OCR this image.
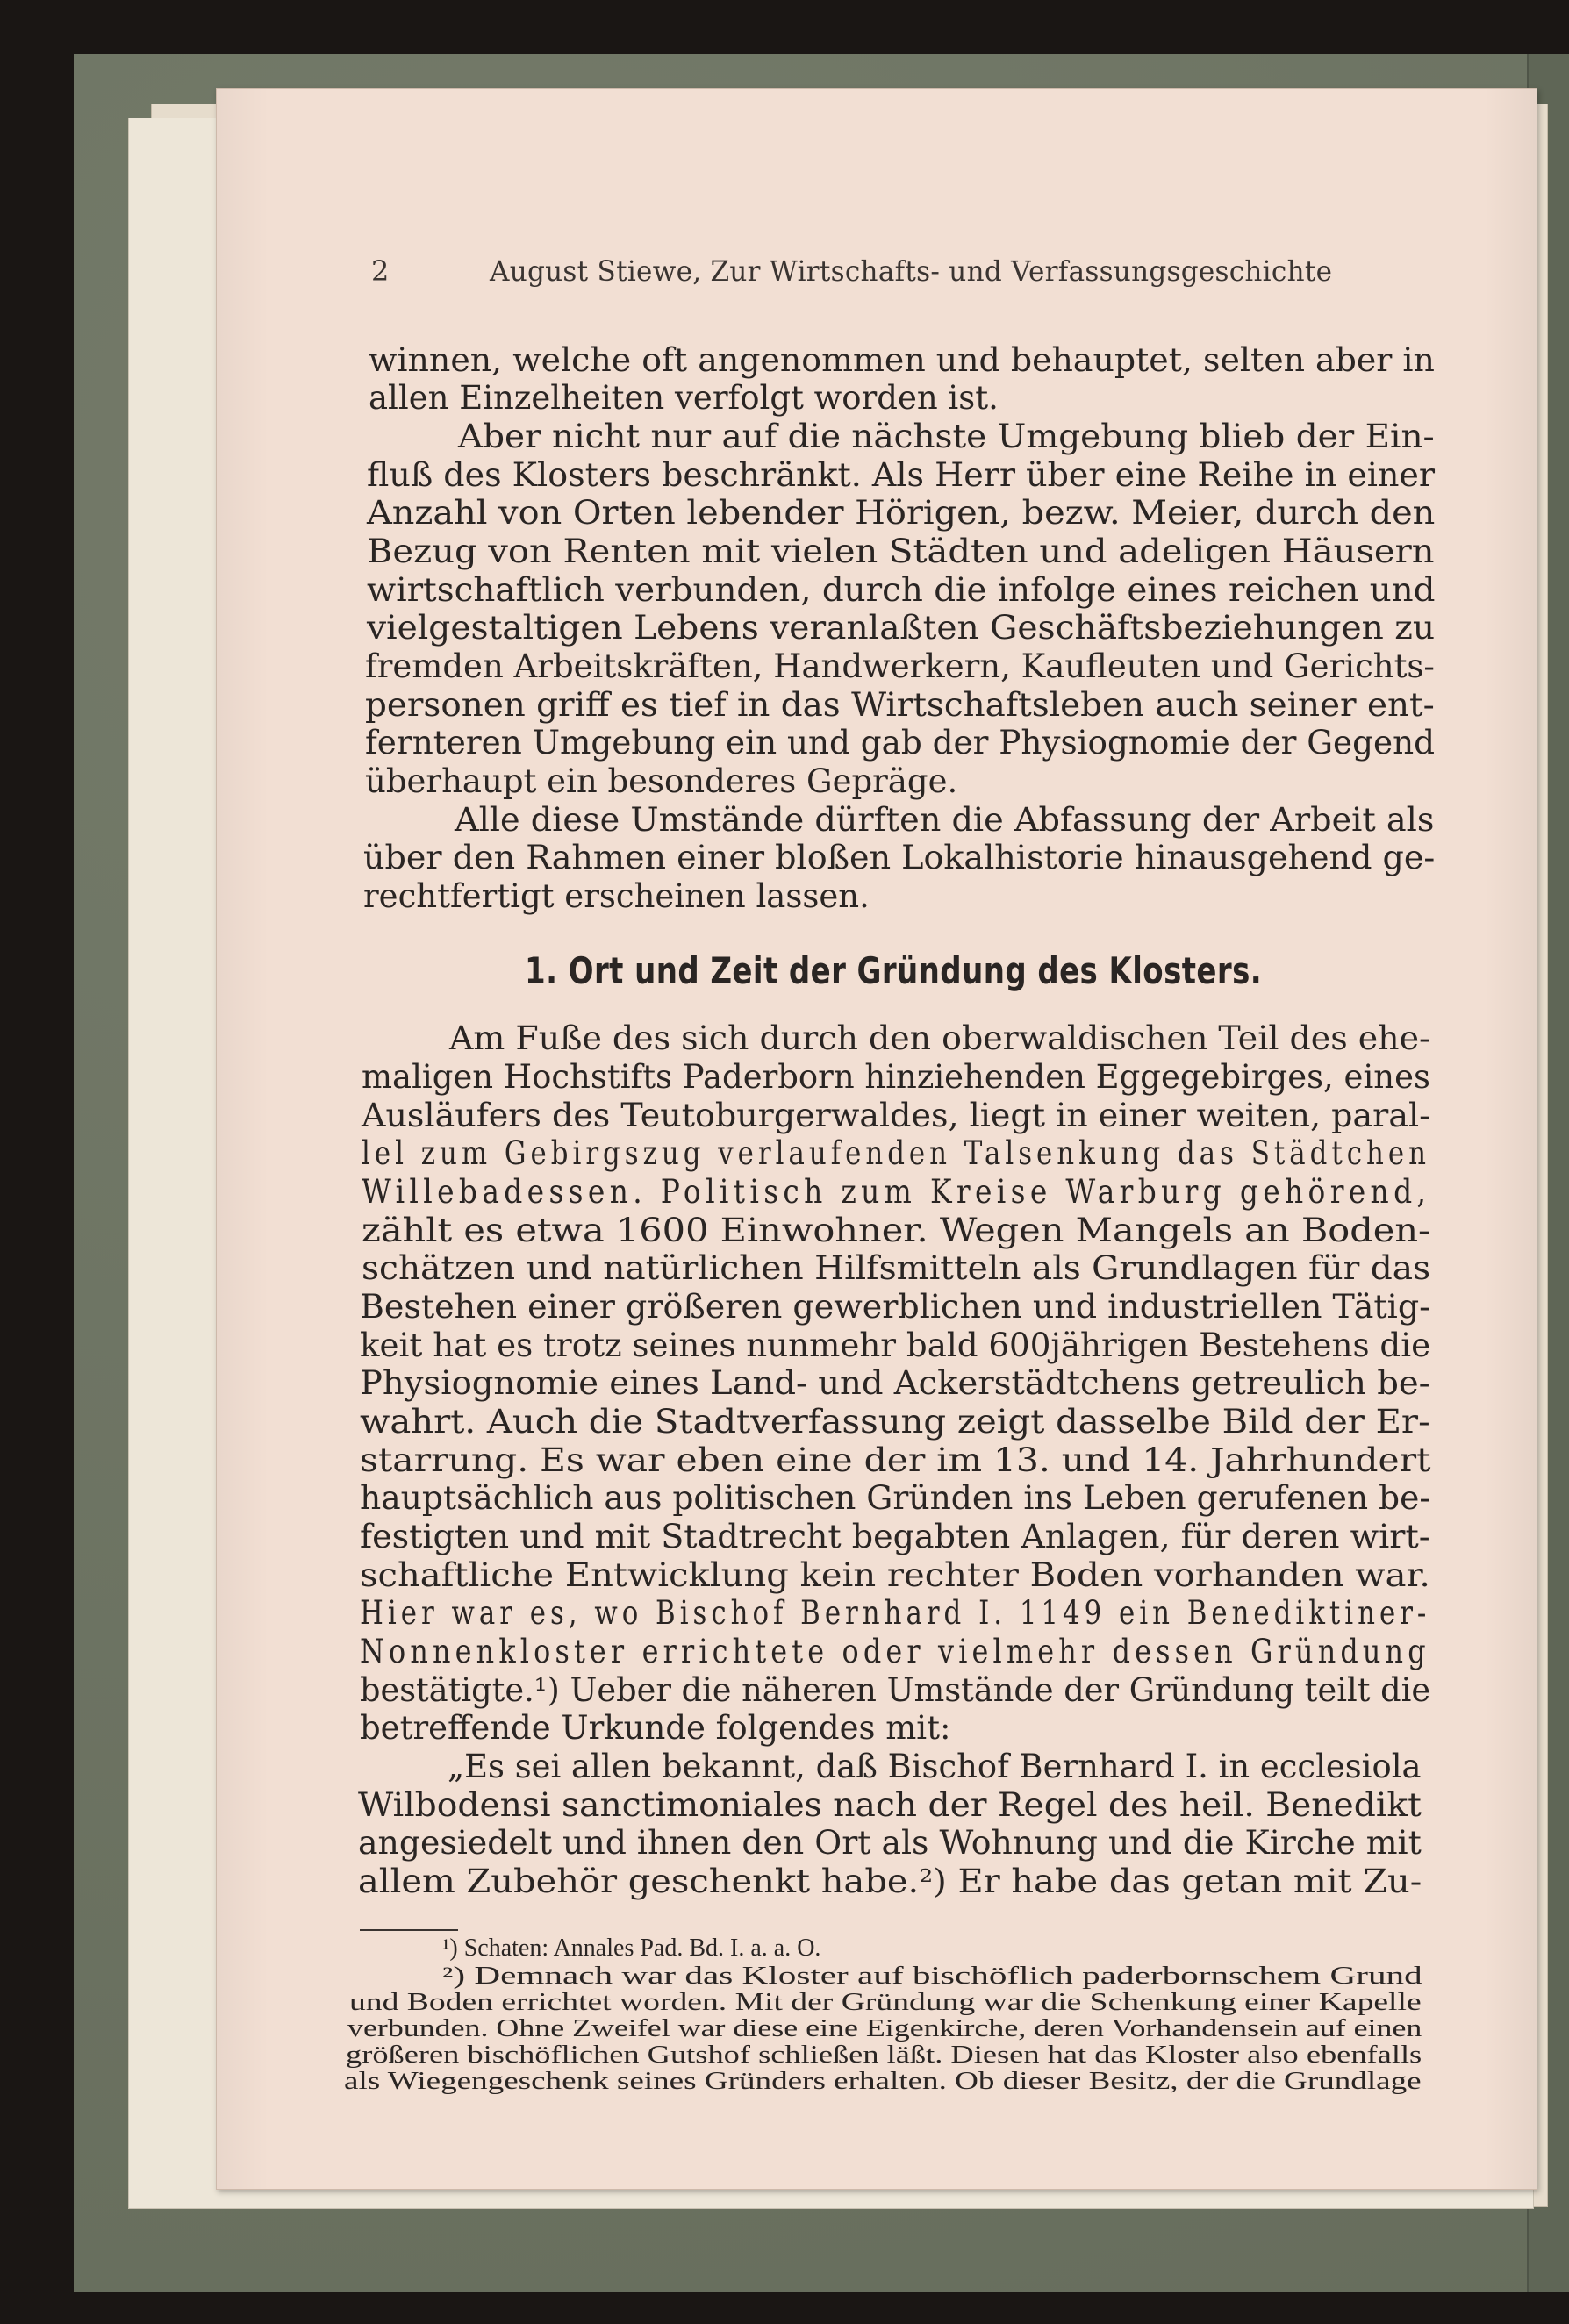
2	August Stiewe, Zur Wirtschafts- und Verfassungsgeschichte
winnen, welche oft angenommen und behauptet, selten aber in
allen Einzelheiten verfolgt worden ist.
Aber nicht nur auf die nächste Umgebung blieb der Ein-
fluß des Klosters beschränkt. Als Herr über eine Reihe in einer
Anzahl von Orten lebender Hörigen, bezw. Meier, durch den
Bezug von Renten mit vielen Städten und adeligen Häusern
wirtschaftlich verbunden, durch die infolge eines reichen und
vielgestaltigen Lebens veranlaßten Geschäftsbeziehungen zu
fremden Arbeitskräften, Handwerkern, Kaufleuten und Gerichts-
personen griff es tief in das Wirtschaftsleben auch seiner ent-
fernteren Umgebung ein und gab der Physiognomie der Gegend
überhaupt ein besonderes Gepräge.
Alle diese Umstände dürften die Abfassung der Arbeit als
über den Rahmen einer bloßen Lokalhistorie hinausgehend ge-
rechtfertigt erscheinen lassen.
1. Ort und Zeit der Gründung des Klosters.
Am Fuße des sich durch den oberwaldischen Teil des ehe-
maligen Hochstifts Paderborn hinziehenden Eggegebirges, eines
Ausläufers des Teutoburgerwaldes, liegt in einer weiten, paral-
lel zum Gebirgszug verlaufenden Talsenkung das Städtchen
Willebadessen. Politisch zum Kreise Warburg gehörend,
zählt es etwa 1600 Einwohner. Wegen Mangels an Boden-
schätzen und natürlichen Hilfsmitteln als Grundlagen für das
Bestehen einer größeren gewerblichen und industriellen Tätig-
keit hat es trotz seines nunmehr bald 600jährigen Bestehens die
Physiognomie eines Land- und Ackerstädtchens getreulich be-
wahrt. Auch die Stadtverfassung zeigt dasselbe Bild der Er-
starrung. Es war eben eine der im 13. und 14. Jahrhundert
hauptsächlich aus politischen Gründen ins Leben gerufenen be-
festigten und mit Stadtrecht begabten Anlagen, für deren wirt-
schaftliche Entwicklung kein rechter Boden vorhanden war.
Hier war es, wo Bischof Bernhard I. 1149 ein Benediktiner-
Nonnenkloster errichtete oder vielmehr dessen Gründung
bestätigte.¹) Ueber die näheren Umstände der Gründung teilt die
betreffende Urkunde folgendes mit:
„Es sei allen bekannt, daß Bischof Bernhard I. in ecclesiola
Wilbodensi sanctimoniales nach der Regel des heil. Benedikt
angesiedelt und ihnen den Ort als Wohnung und die Kirche mit
allem Zubehör geschenkt habe.²) Er habe das getan mit Zu-
¹) Schaten: Annales Pad. Bd. I. a. a. O.
²) Demnach war das Kloster auf bischöflich paderbornschem Grund
und Boden errichtet worden. Mit der Gründung war die Schenkung einer Kapelle
verbunden. Ohne Zweifel war diese eine Eigenkirche, deren Vorhandensein auf einen
größeren bischöflichen Gutshof schließen läßt. Diesen hat das Kloster also ebenfalls
als Wiegengeschenk seines Gründers erhalten. Ob dieser Besitz, der die Grundlage
